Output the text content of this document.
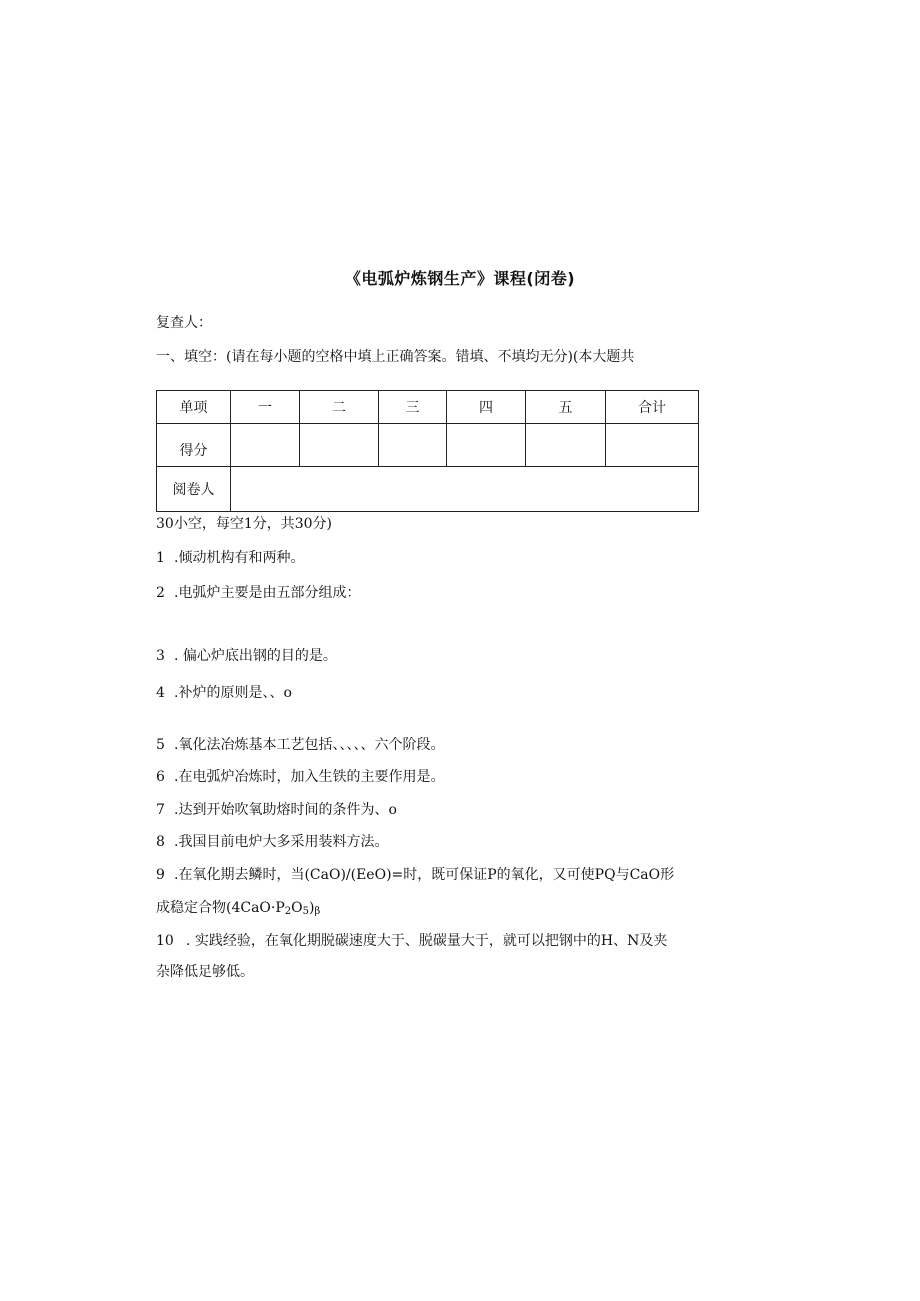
《电弧炉炼钢生产》课程(闭卷)
复查人：
一、填空：(请在每小题的空格中填上正确答案。错填、不填均无分)(本大题共
单项	一	二	三	四	五	合计
得分						
阅卷人						
30小空，每空1分，共30分)
1 .倾动机构有和两种。
2 .电弧炉主要是由五部分组成：
3 . 偏心炉底出钢的目的是。
4 .补炉的原则是、、o
5 .氧化法冶炼基本工艺包括、、、、、六个阶段。
6 .在电弧炉冶炼时，加入生铁的主要作用是。
7 .达到开始吹氧助熔时间的条件为、o
8 .我国目前电炉大多采用装料方法。
9 .在氧化期去鳞时，当(CaO)/(EeO)=时，既可保证P的氧化，又可使PQ与CaO形
成稳定合物$(4CaO\cdot P_2O_5)_\beta$
10 . 实践经验，在氧化期脱碳速度大于、脱碳量大于，就可以把钢中的H、N及夹
杂降低足够低。
